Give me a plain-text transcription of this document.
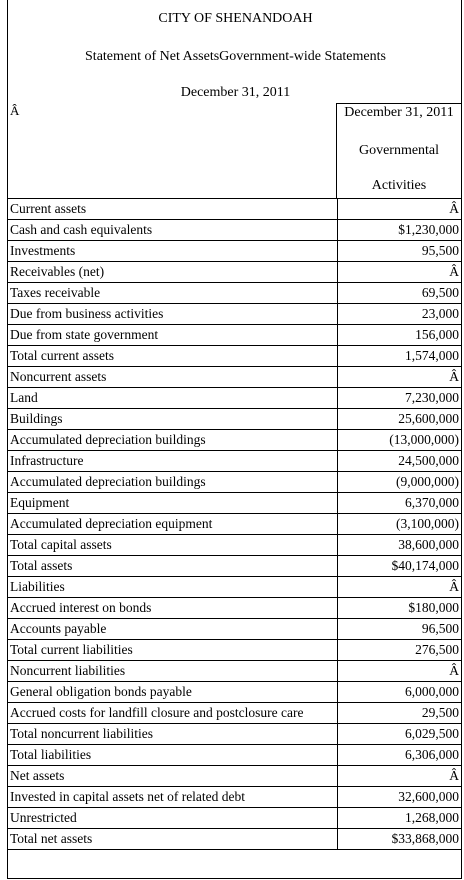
CITY OF SHENANDOAH
Statement of Net AssetsGovernment-wide Statements
December 31, 2011
Â	December 31, 2011
Governmental
Activities
Current assets	Â
Cash and cash equivalents	$1,230,000
Investments	95,500
Receivables (net)	Â
Taxes receivable	69,500
Due from business activities	23,000
Due from state government	156,000
Total current assets	1,574,000
Noncurrent assets	Â
Land	7,230,000
Buildings	25,600,000
Accumulated depreciation buildings	(13,000,000)
Infrastructure	24,500,000
Accumulated depreciation buildings	(9,000,000)
Equipment	6,370,000
Accumulated depreciation equipment	(3,100,000)
Total capital assets	38,600,000
Total assets	$40,174,000
Liabilities	Â
Accrued interest on bonds	$180,000
Accounts payable	96,500
Total current liabilities	276,500
Noncurrent liabilities	Â
General obligation bonds payable	6,000,000
Accrued costs for landfill closure and postclosure care	29,500
Total noncurrent liabilities	6,029,500
Total liabilities	6,306,000
Net assets	Â
Invested in capital assets net of related debt	32,600,000
Unrestricted	1,268,000
Total net assets	$33,868,000
